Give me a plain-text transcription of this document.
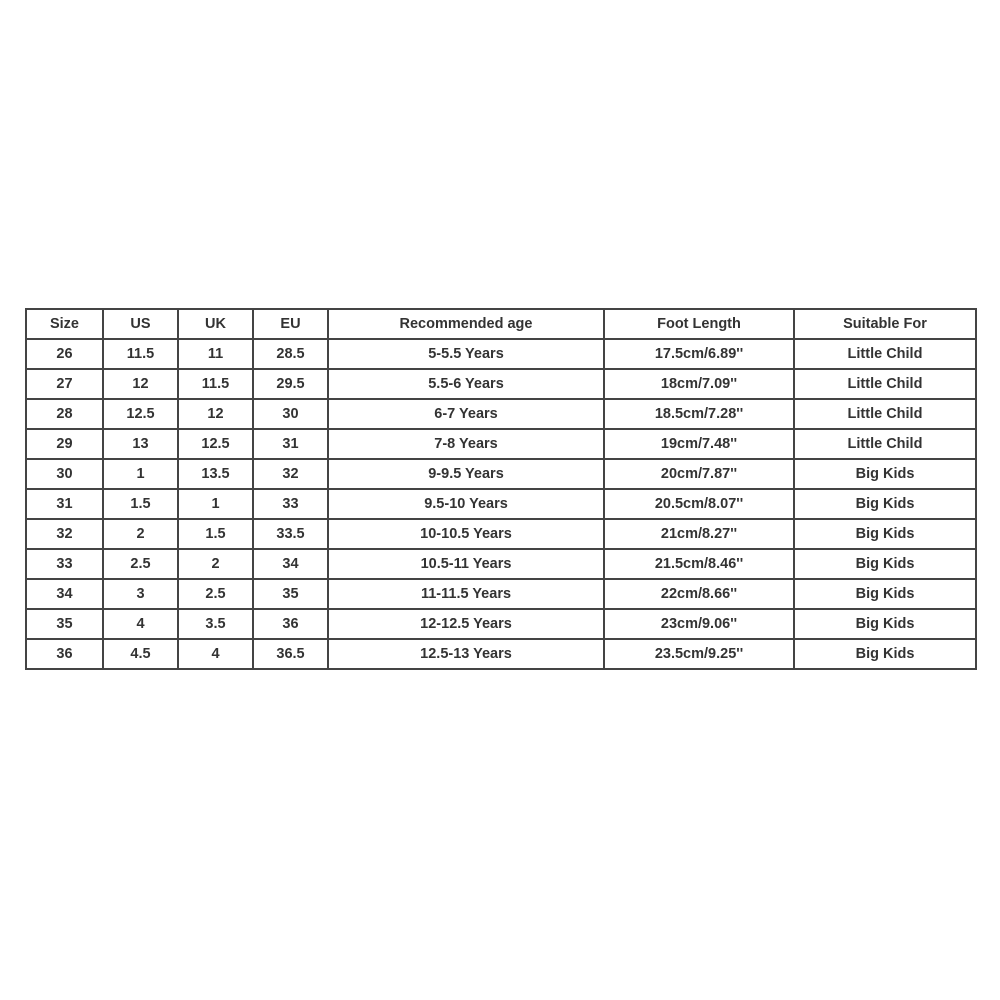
Size	US	UK	EU	Recommended age	Foot Length	Suitable For
26	11.5	11	28.5	5-5.5 Years	17.5cm/6.89''	Little Child
27	12	11.5	29.5	5.5-6 Years	18cm/7.09''	Little Child
28	12.5	12	30	6-7 Years	18.5cm/7.28''	Little Child
29	13	12.5	31	7-8 Years	19cm/7.48''	Little Child
30	1	13.5	32	9-9.5 Years	20cm/7.87''	Big Kids
31	1.5	1	33	9.5-10 Years	20.5cm/8.07''	Big Kids
32	2	1.5	33.5	10-10.5 Years	21cm/8.27''	Big Kids
33	2.5	2	34	10.5-11 Years	21.5cm/8.46''	Big Kids
34	3	2.5	35	11-11.5 Years	22cm/8.66''	Big Kids
35	4	3.5	36	12-12.5 Years	23cm/9.06''	Big Kids
36	4.5	4	36.5	12.5-13 Years	23.5cm/9.25''	Big Kids
